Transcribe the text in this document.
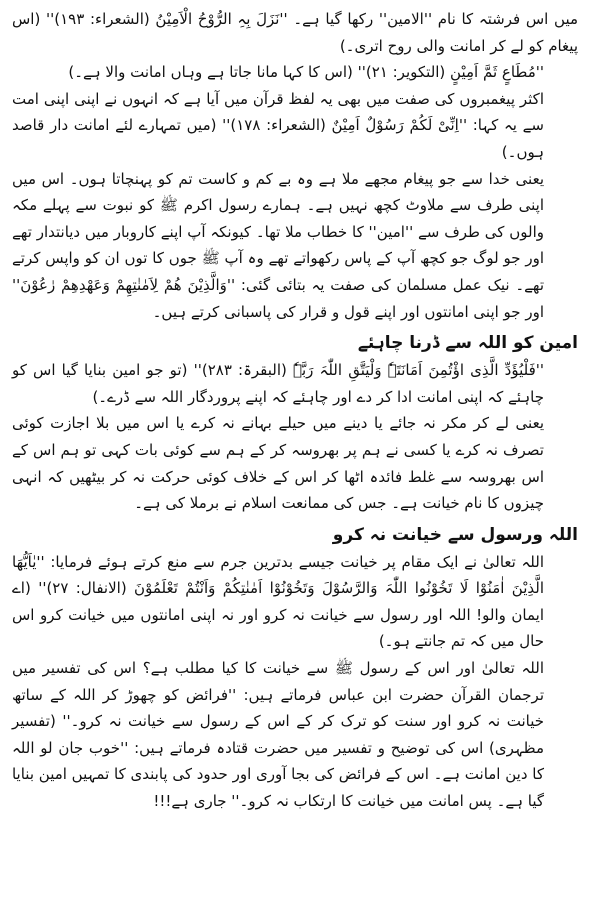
میں اس فرشتہ کا نام ''الامین'' رکھا گیا ہے۔ ''نَزَلَ بِہِ الرُّوْحُ الْاَمِیْنُ (الشعراء: ۱۹۳)'' (اس پیغام کو لے کر امانت والی روح اتری۔)

''مُطَاعٍ ثَمَّ اَمِیْنٍ (التکویر: ۲۱)'' (اس کا کہا مانا جاتا ہے وہاں امانت والا ہے۔)

اکثر پیغمبروں کی صفت میں بھی یہ لفظ قرآن میں آیا ہے کہ انہوں نے اپنی اپنی امت سے یہ کہا: ''اِنِّیْ لَکُمْ رَسُوْلٌ اَمِیْنٌ (الشعراء: ۱۷۸)'' (میں تمہارے لئے امانت دار قاصد ہوں۔)

یعنی خدا سے جو پیغام مجھے ملا ہے وہ بے کم و کاست تم کو پہنچاتا ہوں۔ اس میں اپنی طرف سے ملاوٹ کچھ نہیں ہے۔ ہمارے رسول اکرم ﷺ کو نبوت سے پہلے مکہ والوں کی طرف سے ''امین'' کا خطاب ملا تھا۔ کیونکہ آپ اپنے کاروبار میں دیانتدار تھے اور جو لوگ جو کچھ آپ کے پاس رکھواتے تھے وہ آپ ﷺ جوں کا توں ان کو واپس کرتے تھے۔ نیک عمل مسلمان کی صفت یہ بتائی گئی: ''وَالَّذِیْنَ ھُمْ لِاَمٰنٰتِھِمْ وَعَھْدِھِمْ رٰعُوْنَ'' اور جو اپنی امانتوں اور اپنے قول و قرار کی پاسبانی کرتے ہیں۔

امین کو اللہ سے ڈرنا چاہئے

''فَلْیُؤَدِّ الَّذِی اؤْتُمِنَ اَمَانَتَہٗ وَلْیَتَّقِ اللّٰہَ رَبَّہٗ (البقرۃ: ۲۸۳)'' (تو جو امین بنایا گیا اس کو چاہئے کہ اپنی امانت ادا کر دے اور چاہئے کہ اپنے پروردگار اللہ سے ڈرے۔)

یعنی لے کر مکر نہ جائے یا دینے میں حیلے بہانے نہ کرے یا اس میں بلا اجازت کوئی تصرف نہ کرے یا کسی نے ہم پر بھروسہ کر کے ہم سے کوئی بات کہی تو ہم اس کے اس بھروسہ سے غلط فائدہ اٹھا کر اس کے خلاف کوئی حرکت نہ کر بیٹھیں کہ انہی چیزوں کا نام خیانت ہے۔ جس کی ممانعت اسلام نے برملا کی ہے۔

اللہ ورسول سے خیانت نہ کرو

اللہ تعالیٰ نے ایک مقام پر خیانت جیسے بدترین جرم سے منع کرتے ہوئے فرمایا: ''یٰاَیُّھَا الَّذِیْنَ اٰمَنُوْا لَا تَخُوْنُوا اللّٰہَ وَالرَّسُوْلَ وَتَخُوْنُوْا اَمٰنٰتِکُمْ وَاَنْتُمْ تَعْلَمُوْنَ (الانفال: ۲۷)'' (اے ایمان والو! اللہ اور رسول سے خیانت نہ کرو اور نہ اپنی امانتوں میں خیانت کرو اس حال میں کہ تم جانتے ہو۔)

اللہ تعالیٰ اور اس کے رسول ﷺ سے خیانت کا کیا مطلب ہے؟ اس کی تفسیر میں ترجمان القرآن حضرت ابن عباس فرماتے ہیں: ''فرائض کو چھوڑ کر اللہ کے ساتھ خیانت نہ کرو اور سنت کو ترک کر کے اس کے رسول سے خیانت نہ کرو۔'' (تفسیر مظہری) اس کی توضیح و تفسیر میں حضرت قتادہ فرماتے ہیں: ''خوب جان لو اللہ کا دین امانت ہے۔ اس کے فرائض کی بجا آوری اور حدود کی پابندی کا تمہیں امین بنایا گیا ہے۔ پس امانت میں خیانت کا ارتکاب نہ کرو۔'' جاری ہے!!!
